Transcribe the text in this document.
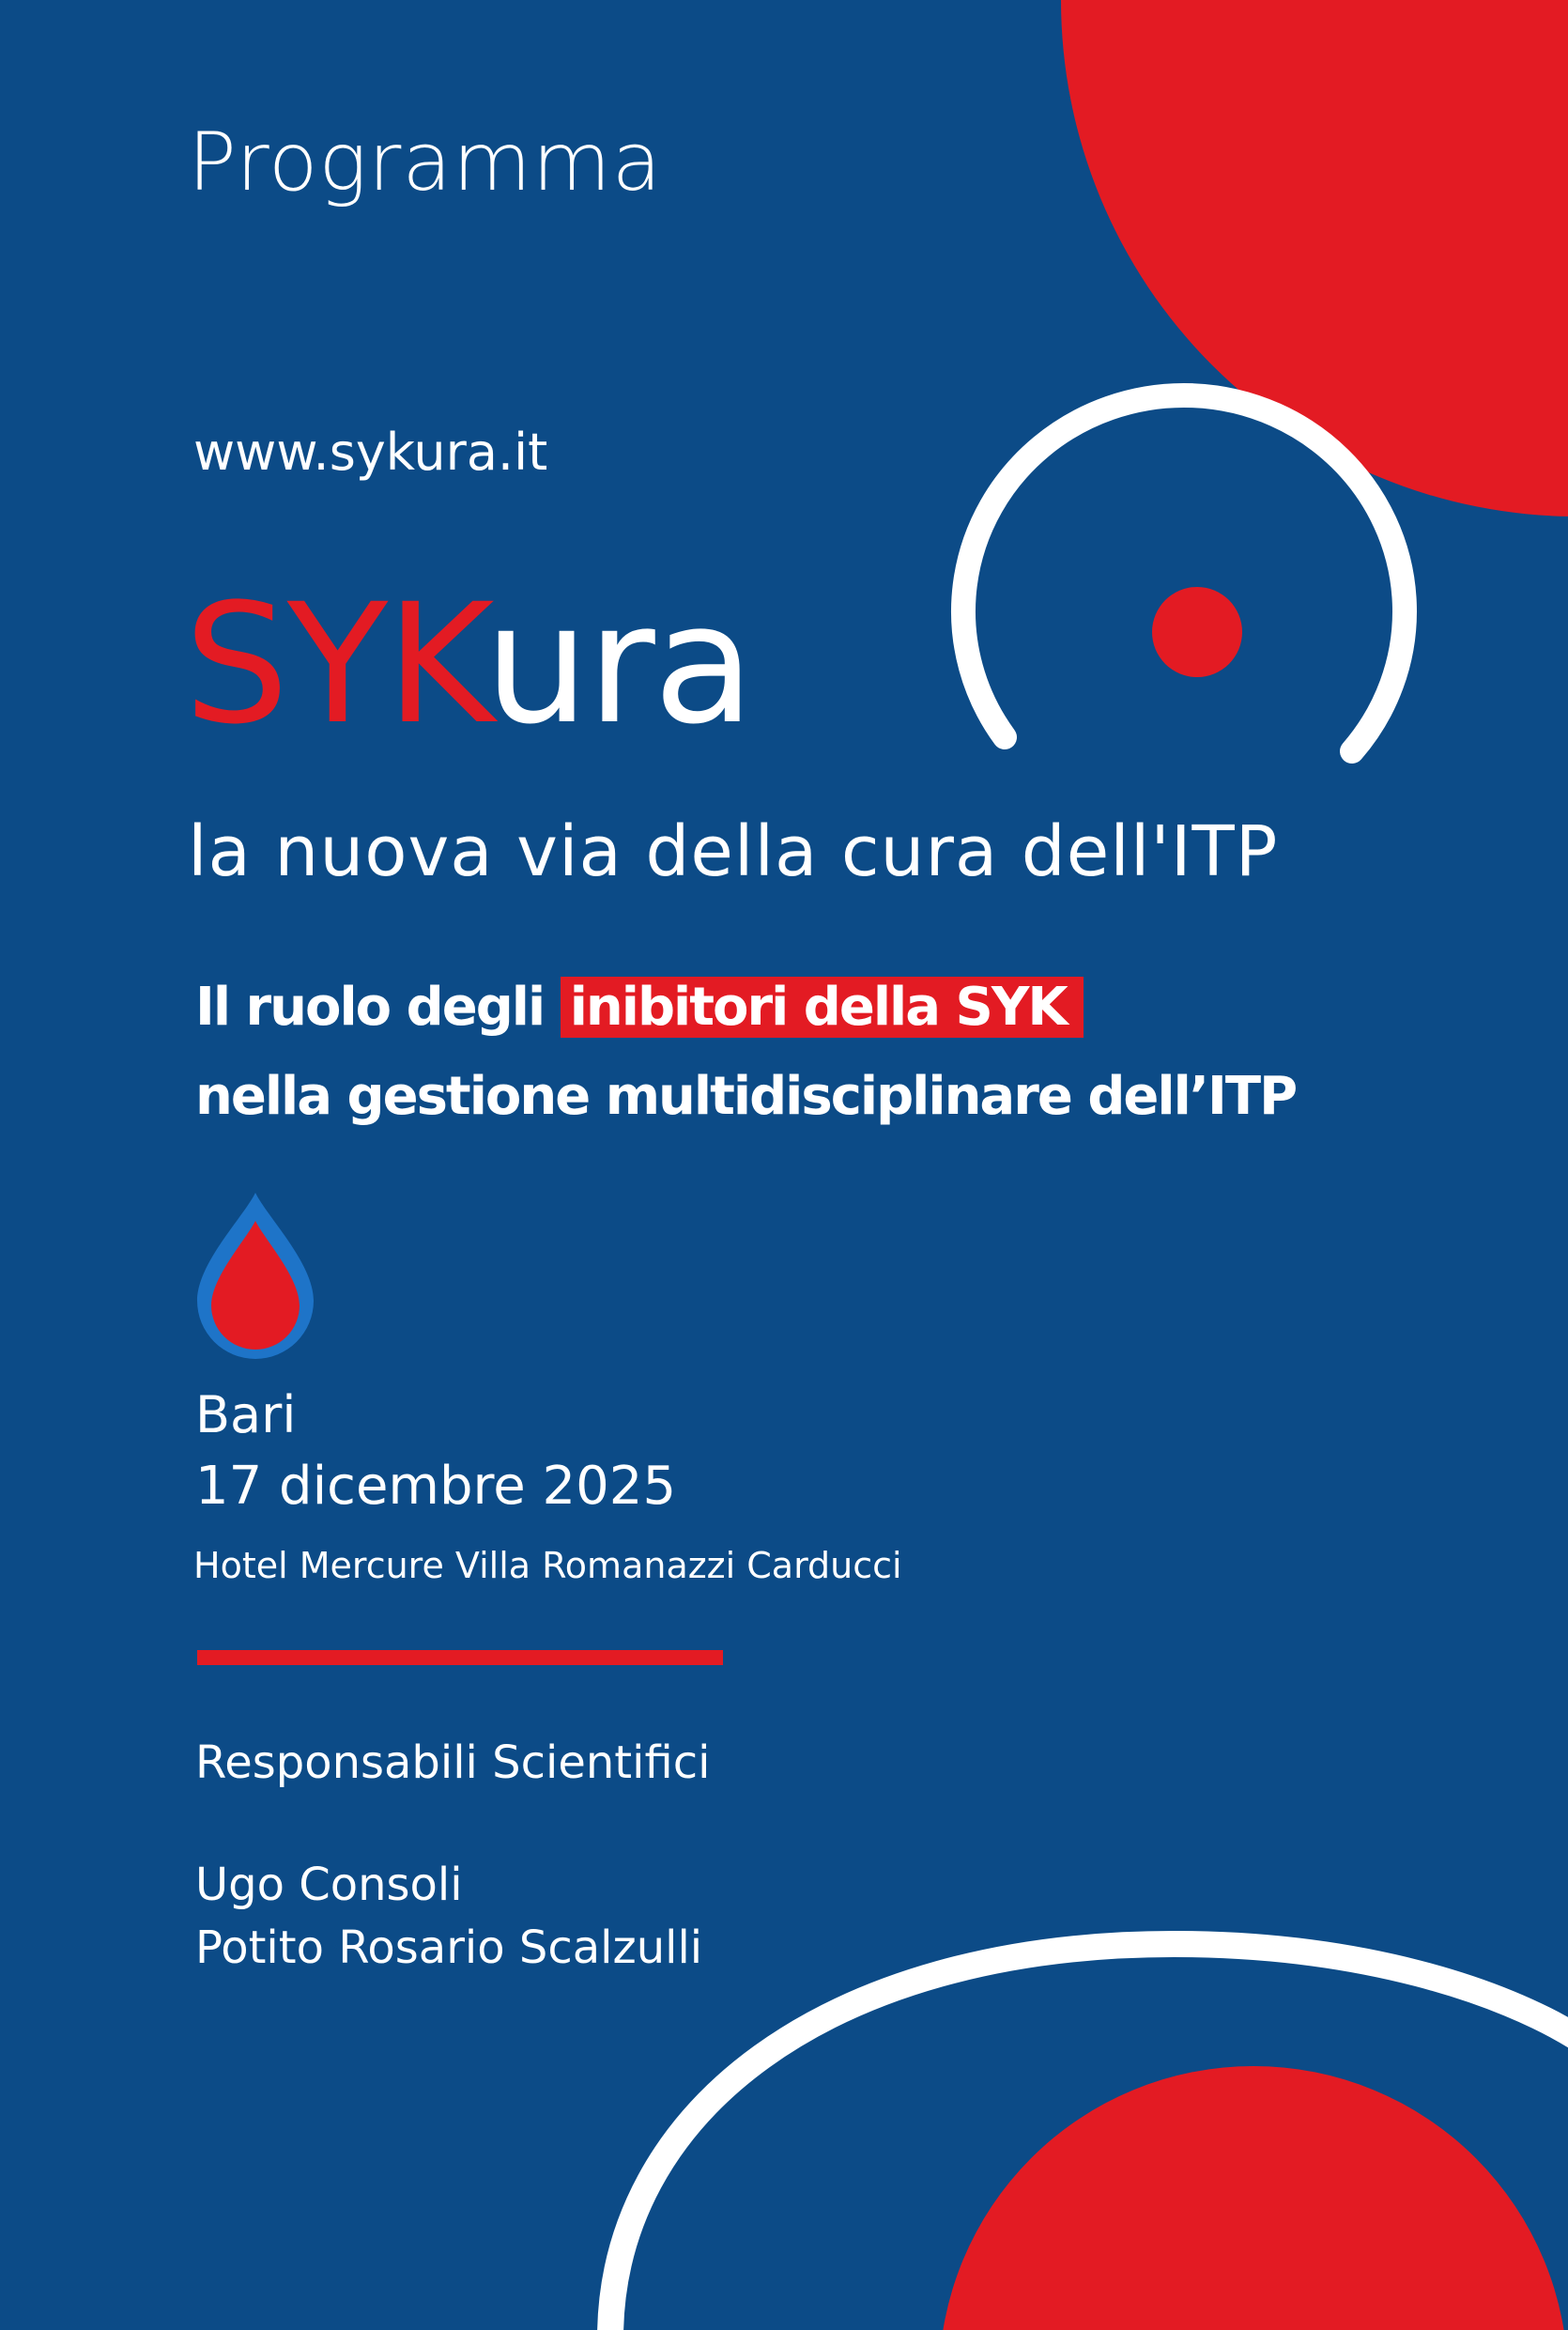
Programma

www.sykura.it

SYKura

la nuova via della cura dell'ITP

Il ruolo degli inibitori della SYK
nella gestione multidisciplinare dell’ITP

Bari

17 dicembre 2025

Hotel Mercure Villa Romanazzi Carducci

Responsabili Scientifici

Ugo Consoli

Potito Rosario Scalzulli
